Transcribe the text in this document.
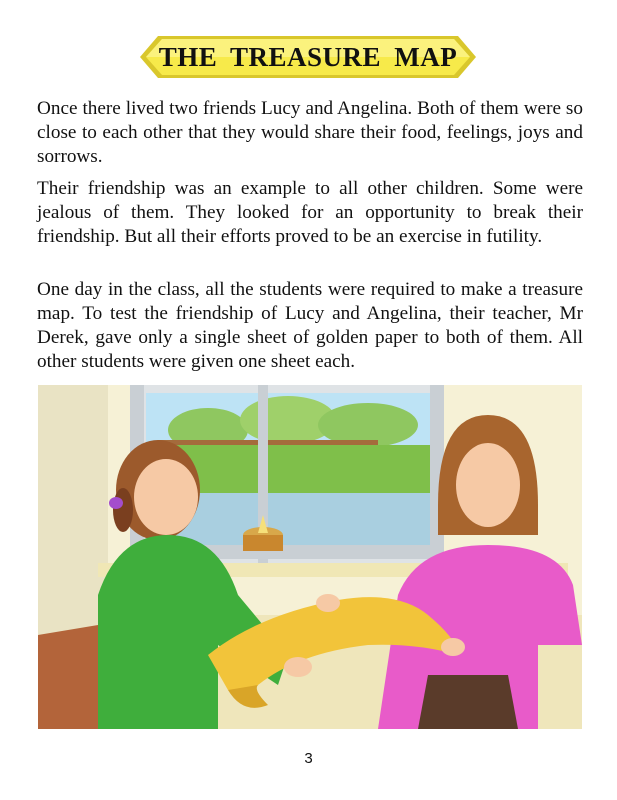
THE TREASURE MAP

Once there lived two friends Lucy and Angelina. Both of them were so close to each other that they would share their food, feelings, joys and sorrows.

Their friendship was an example to all other children. Some were jealous of them. They looked for an opportunity to break their friendship. But all their efforts proved to be an exercise in futility.

One day in the class, all the students were required to make a treasure map. To test the friendship of Lucy and Angelina, their teacher, Mr Derek, gave only a single sheet of golden paper to both of them. All other students were given one sheet each.

3
